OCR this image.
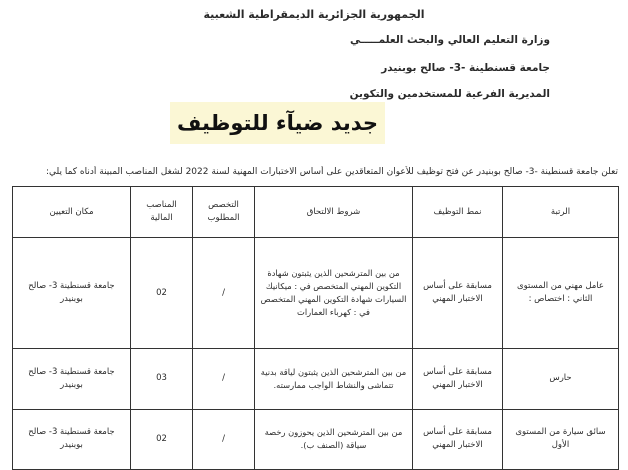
الجمهورية الجزائرية الديمقراطية الشعبية
وزارة التعليم العالي والبحث العلمـــــي
جامعة قسنطينة -3- صالح بوبنيدر
المديرية الفرعية للمستخدمين والتكوين
جديد ضيآء للتوظيف
تعلن جامعة قسنطينة -3- صالح بوبنيدر عن فتح توظيف للأعوان المتعاقدين على أساس الاختبارات المهنية لسنة 2022 لشغل المناصب المبينة أدناه كما يلي:
الرتبة	نمط التوظيف	شروط الالتحاق	التخصص المطلوب	المناصب المالية	مكان التعيين
عامل مهني من المستوى الثاني : اختصاص :	مسابقة على أساس الاختبار المهني	من بين المترشحين الذين يثبتون شهادة التكوين المهني المتخصص في : ميكانيك السيارات شهادة التكوين المهني المتخصص في : كهرباء العمارات	/	02	جامعة قسنطينة 3- صالح بوبنيدر
حارس	مسابقة على أساس الاختبار المهني	من بين المترشحين الذين يثبتون لياقة بدنية تتماشى والنشاط الواجب ممارسته.	/	03	جامعة قسنطينة 3- صالح بوبنيدر
سائق سيارة من المستوى الأول	مسابقة على أساس الاختبار المهني	من بين المترشحين الذين يحوزون رخصة سياقة (الصنف ب).	/	02	جامعة قسنطينة 3- صالح بوبنيدر
